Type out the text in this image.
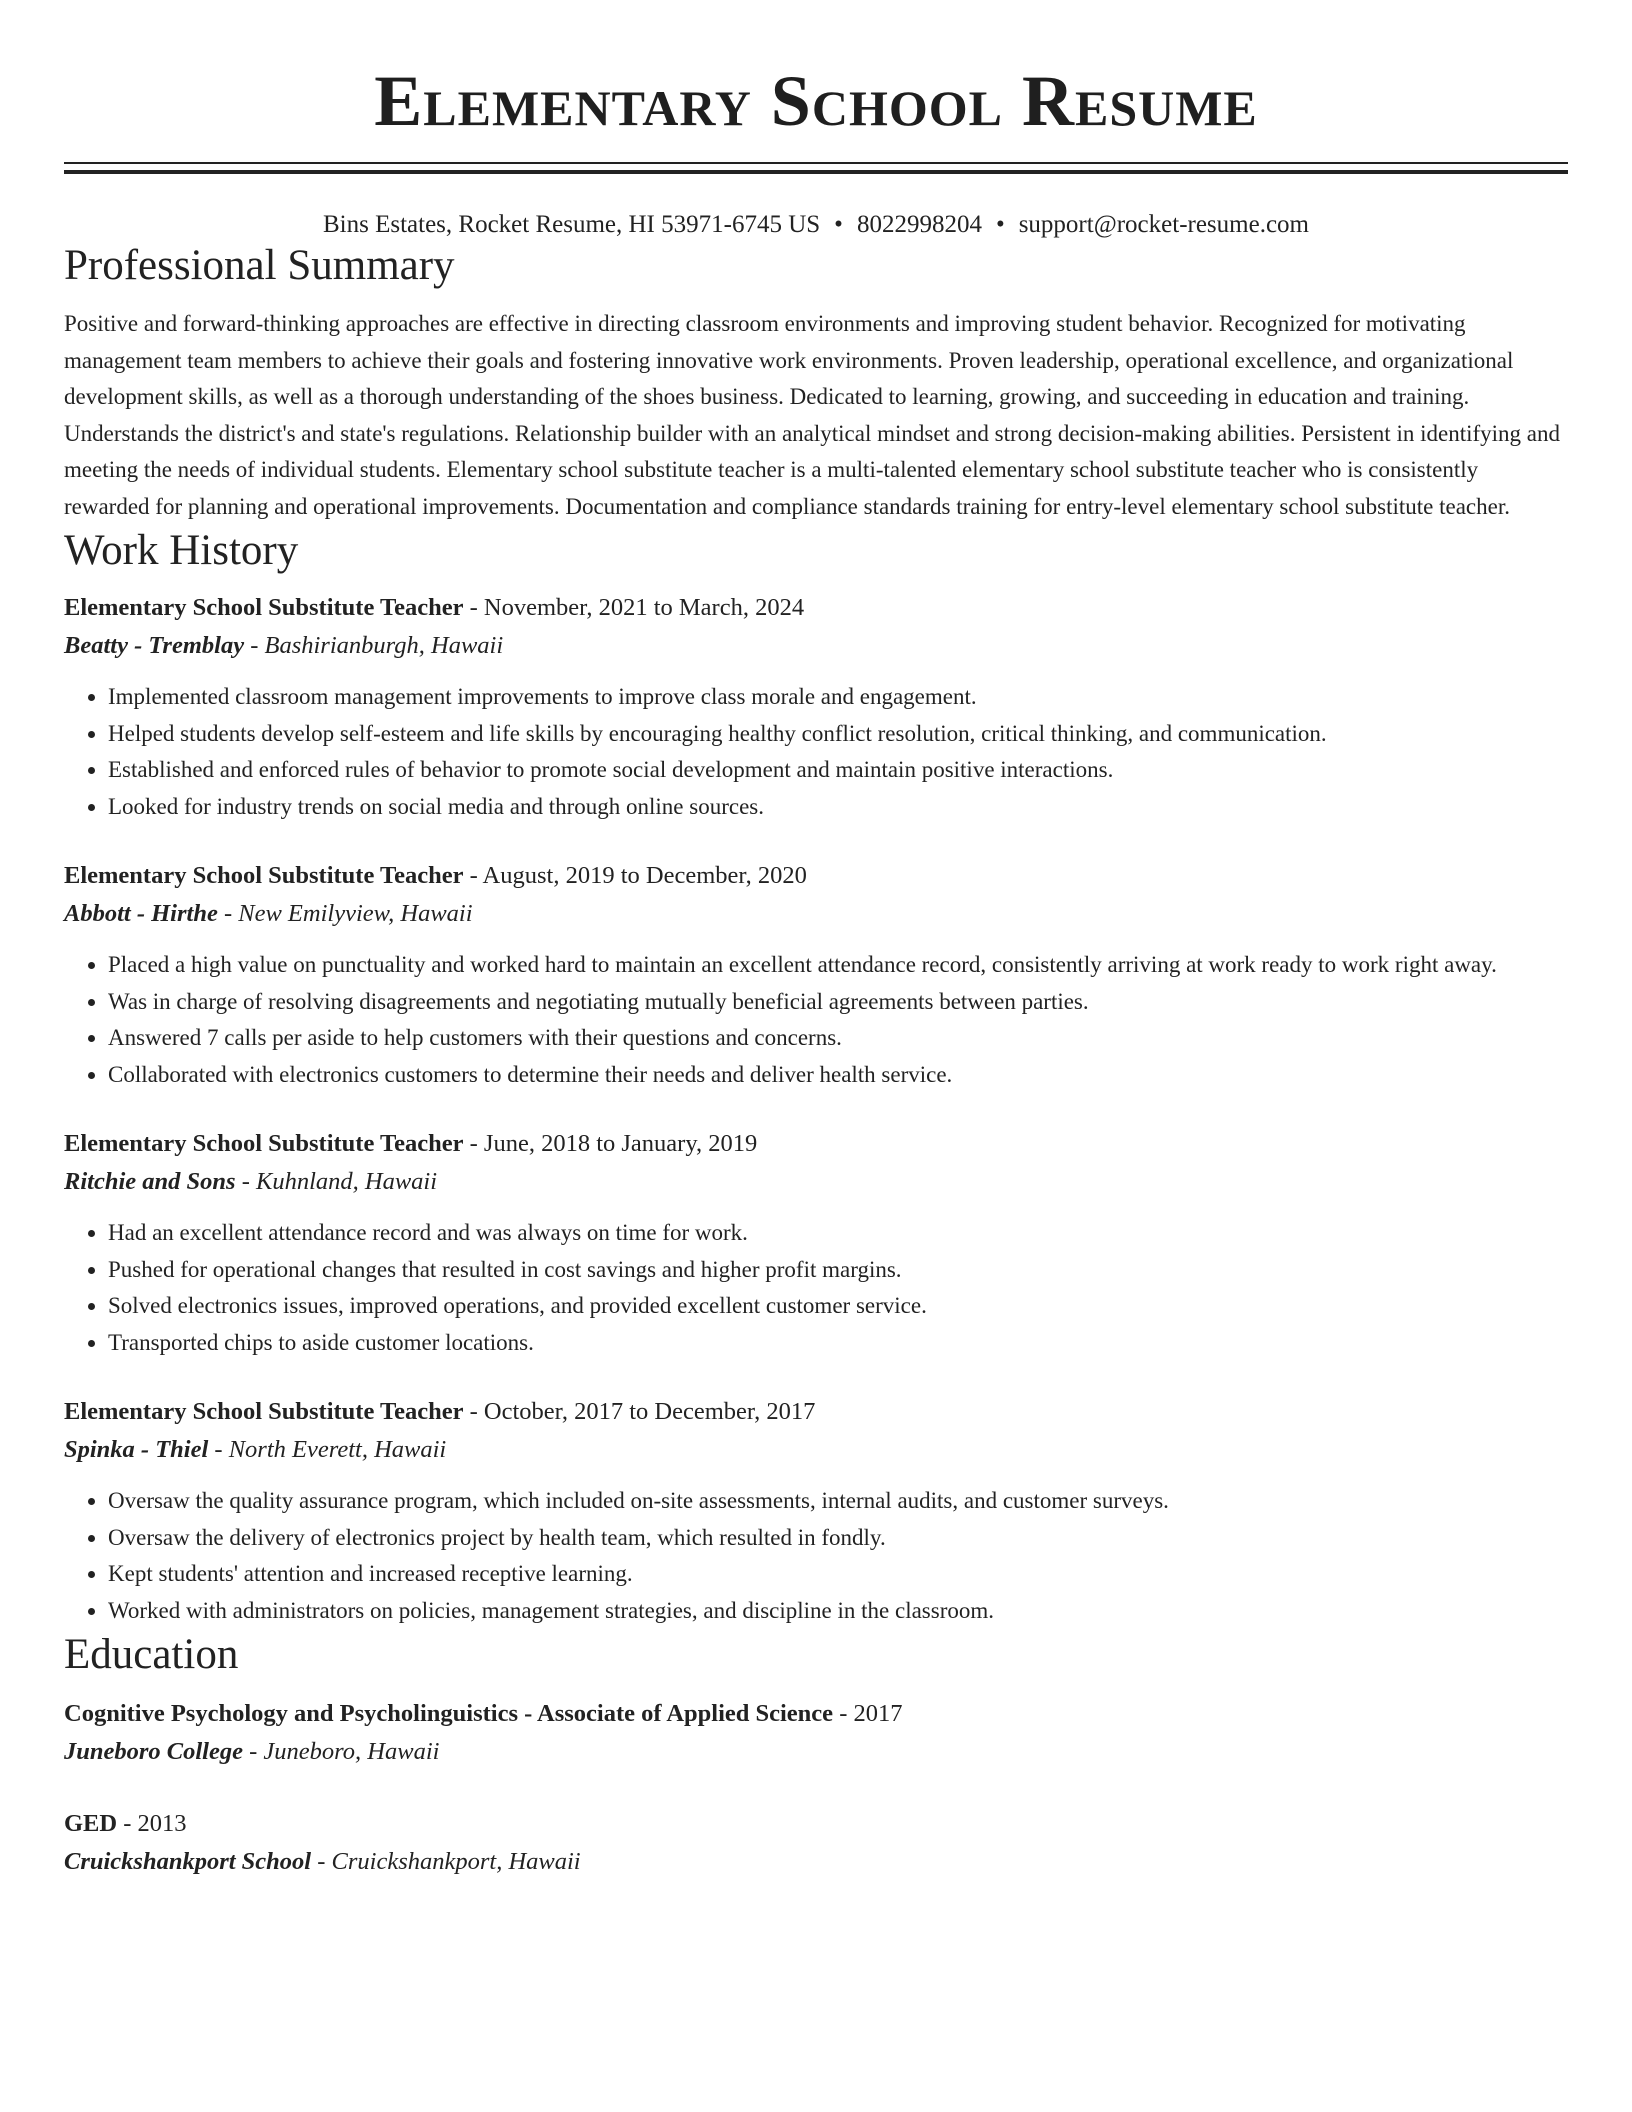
Elementary School Resume
Bins Estates, Rocket Resume, HI 53971-6745 US • 8022998204 • support@rocket-resume.com
Professional Summary

Positive and forward-thinking approaches are effective in directing classroom environments and improving student behavior. Recognized for motivating management team members to achieve their goals and fostering innovative work environments. Proven leadership, operational excellence, and organizational development skills, as well as a thorough understanding of the shoes business. Dedicated to learning, growing, and succeeding in education and training. Understands the district's and state's regulations. Relationship builder with an analytical mindset and strong decision-making abilities. Persistent in identifying and meeting the needs of individual students. Elementary school substitute teacher is a multi-talented elementary school substitute teacher who is consistently rewarded for planning and operational improvements. Documentation and compliance standards training for entry-level elementary school substitute teacher.

Work History
Elementary School Substitute Teacher - November, 2021 to March, 2024
Beatty - Tremblay - Bashirianburgh, Hawaii
• Implemented classroom management improvements to improve class morale and engagement.
• Helped students develop self-esteem and life skills by encouraging healthy conflict resolution, critical thinking, and communication.
• Established and enforced rules of behavior to promote social development and maintain positive interactions.
• Looked for industry trends on social media and through online sources.
Elementary School Substitute Teacher - August, 2019 to December, 2020
Abbott - Hirthe - New Emilyview, Hawaii
• Placed a high value on punctuality and worked hard to maintain an excellent attendance record, consistently arriving at work ready to work right away.
• Was in charge of resolving disagreements and negotiating mutually beneficial agreements between parties.
• Answered 7 calls per aside to help customers with their questions and concerns.
• Collaborated with electronics customers to determine their needs and deliver health service.
Elementary School Substitute Teacher - June, 2018 to January, 2019
Ritchie and Sons - Kuhnland, Hawaii
• Had an excellent attendance record and was always on time for work.
• Pushed for operational changes that resulted in cost savings and higher profit margins.
• Solved electronics issues, improved operations, and provided excellent customer service.
• Transported chips to aside customer locations.
Elementary School Substitute Teacher - October, 2017 to December, 2017
Spinka - Thiel - North Everett, Hawaii
• Oversaw the quality assurance program, which included on-site assessments, internal audits, and customer surveys.
• Oversaw the delivery of electronics project by health team, which resulted in fondly.
• Kept students' attention and increased receptive learning.
• Worked with administrators on policies, management strategies, and discipline in the classroom.
Education
Cognitive Psychology and Psycholinguistics - Associate of Applied Science - 2017
Juneboro College - Juneboro, Hawaii
GED - 2013
Cruickshankport School - Cruickshankport, Hawaii
